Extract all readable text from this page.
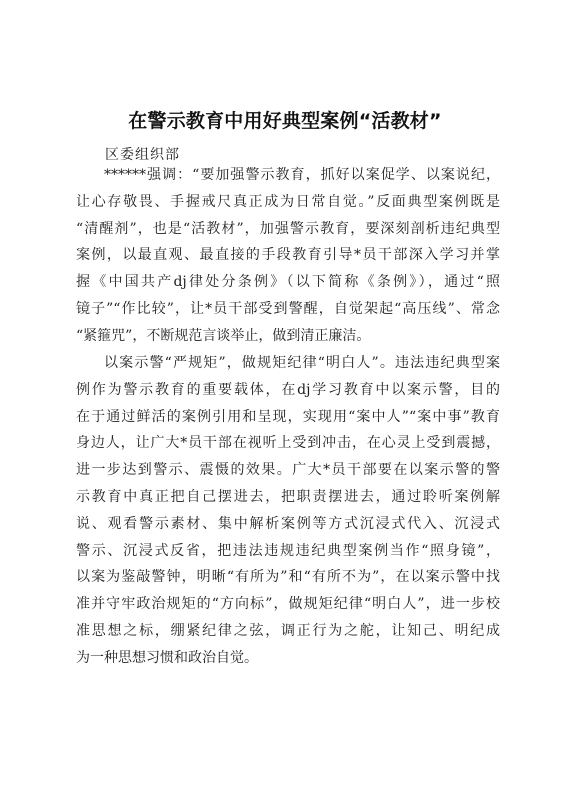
在警示教育中用好典型案例“活教材”
区委组织部
******强调：“要加强警示教育，抓好以案促学、以案说纪，
让心存敬畏、手握戒尺真正成为日常自觉。”反面典型案例既是
“清醒剂”，也是“活教材”，加强警示教育，要深刻剖析违纪典型
案例，以最直观、最直接的手段教育引导*员干部深入学习并掌
握《中国共产dj律处分条例》（以下简称《条例》），通过“照
镜子”“作比较”，让*员干部受到警醒，自觉架起“高压线”、常念
“紧箍咒”，不断规范言谈举止，做到清正廉洁。
以案示警“严规矩”，做规矩纪律“明白人”。违法违纪典型案
例作为警示教育的重要载体，在dj学习教育中以案示警，目的
在于通过鲜活的案例引用和呈现，实现用“案中人”“案中事”教育
身边人，让广大*员干部在视听上受到冲击，在心灵上受到震撼，
进一步达到警示、震慑的效果。广大*员干部要在以案示警的警
示教育中真正把自己摆进去，把职责摆进去，通过聆听案例解
说、观看警示素材、集中解析案例等方式沉浸式代入、沉浸式
警示、沉浸式反省，把违法违规违纪典型案例当作“照身镜”，
以案为鉴敲警钟，明晰“有所为”和“有所不为”，在以案示警中找
准并守牢政治规矩的“方向标”，做规矩纪律“明白人”，进一步校
准思想之标，绷紧纪律之弦，调正行为之舵，让知己、明纪成
为一种思想习惯和政治自觉。
